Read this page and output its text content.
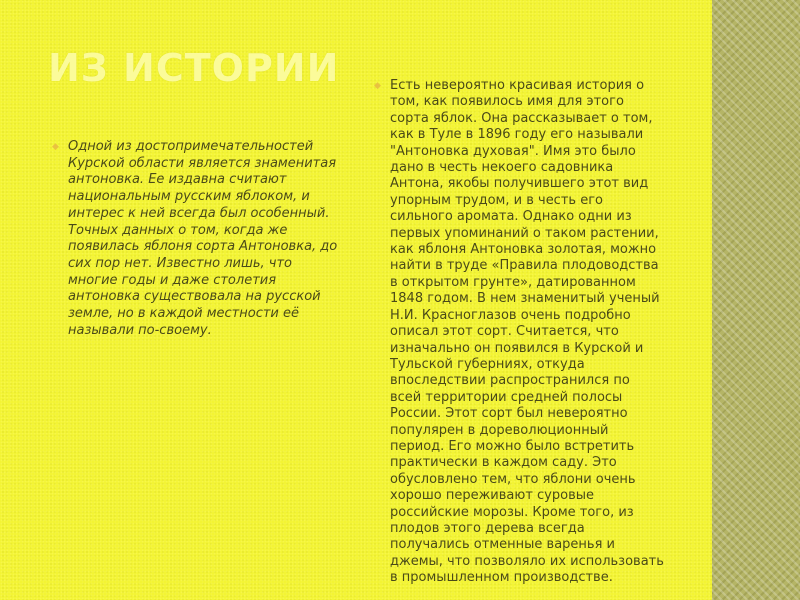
ИЗ ИСТОРИИ
◆ Одной из достопримечательностей Курской области является знаменитая антоновка. Ее издавна считают национальным русским яблоком, и интерес к ней всегда был особенный. Точных данных о том, когда же появилась яблоня сорта Антоновка, до сих пор нет. Известно лишь, что многие годы и даже столетия антоновка существовала на русской земле, но в каждой местности её называли по-своему.

◆ Есть невероятно красивая история о том, как появилось имя для этого сорта яблок. Она рассказывает о том, как в Туле в 1896 году его называли "Антоновка духовая". Имя это было дано в честь некоего садовника Антона, якобы получившего этот вид упорным трудом, и в честь его сильного аромата. Однако одни из первых упоминаний о таком растении, как яблоня Антоновка золотая, можно найти в труде «Правила плодоводства в открытом грунте», датированном 1848 годом. В нем знаменитый ученый Н.И. Красноглазов очень подробно описал этот сорт. Считается, что изначально он появился в Курской и Тульской губерниях, откуда впоследствии распространился по всей территории средней полосы России. Этот сорт был невероятно популярен в дореволюционный период. Его можно было встретить практически в каждом саду. Это обусловлено тем, что яблони очень хорошо переживают суровые российские морозы. Кроме того, из плодов этого дерева всегда получались отменные варенья и джемы, что позволяло их использовать в промышленном производстве.
